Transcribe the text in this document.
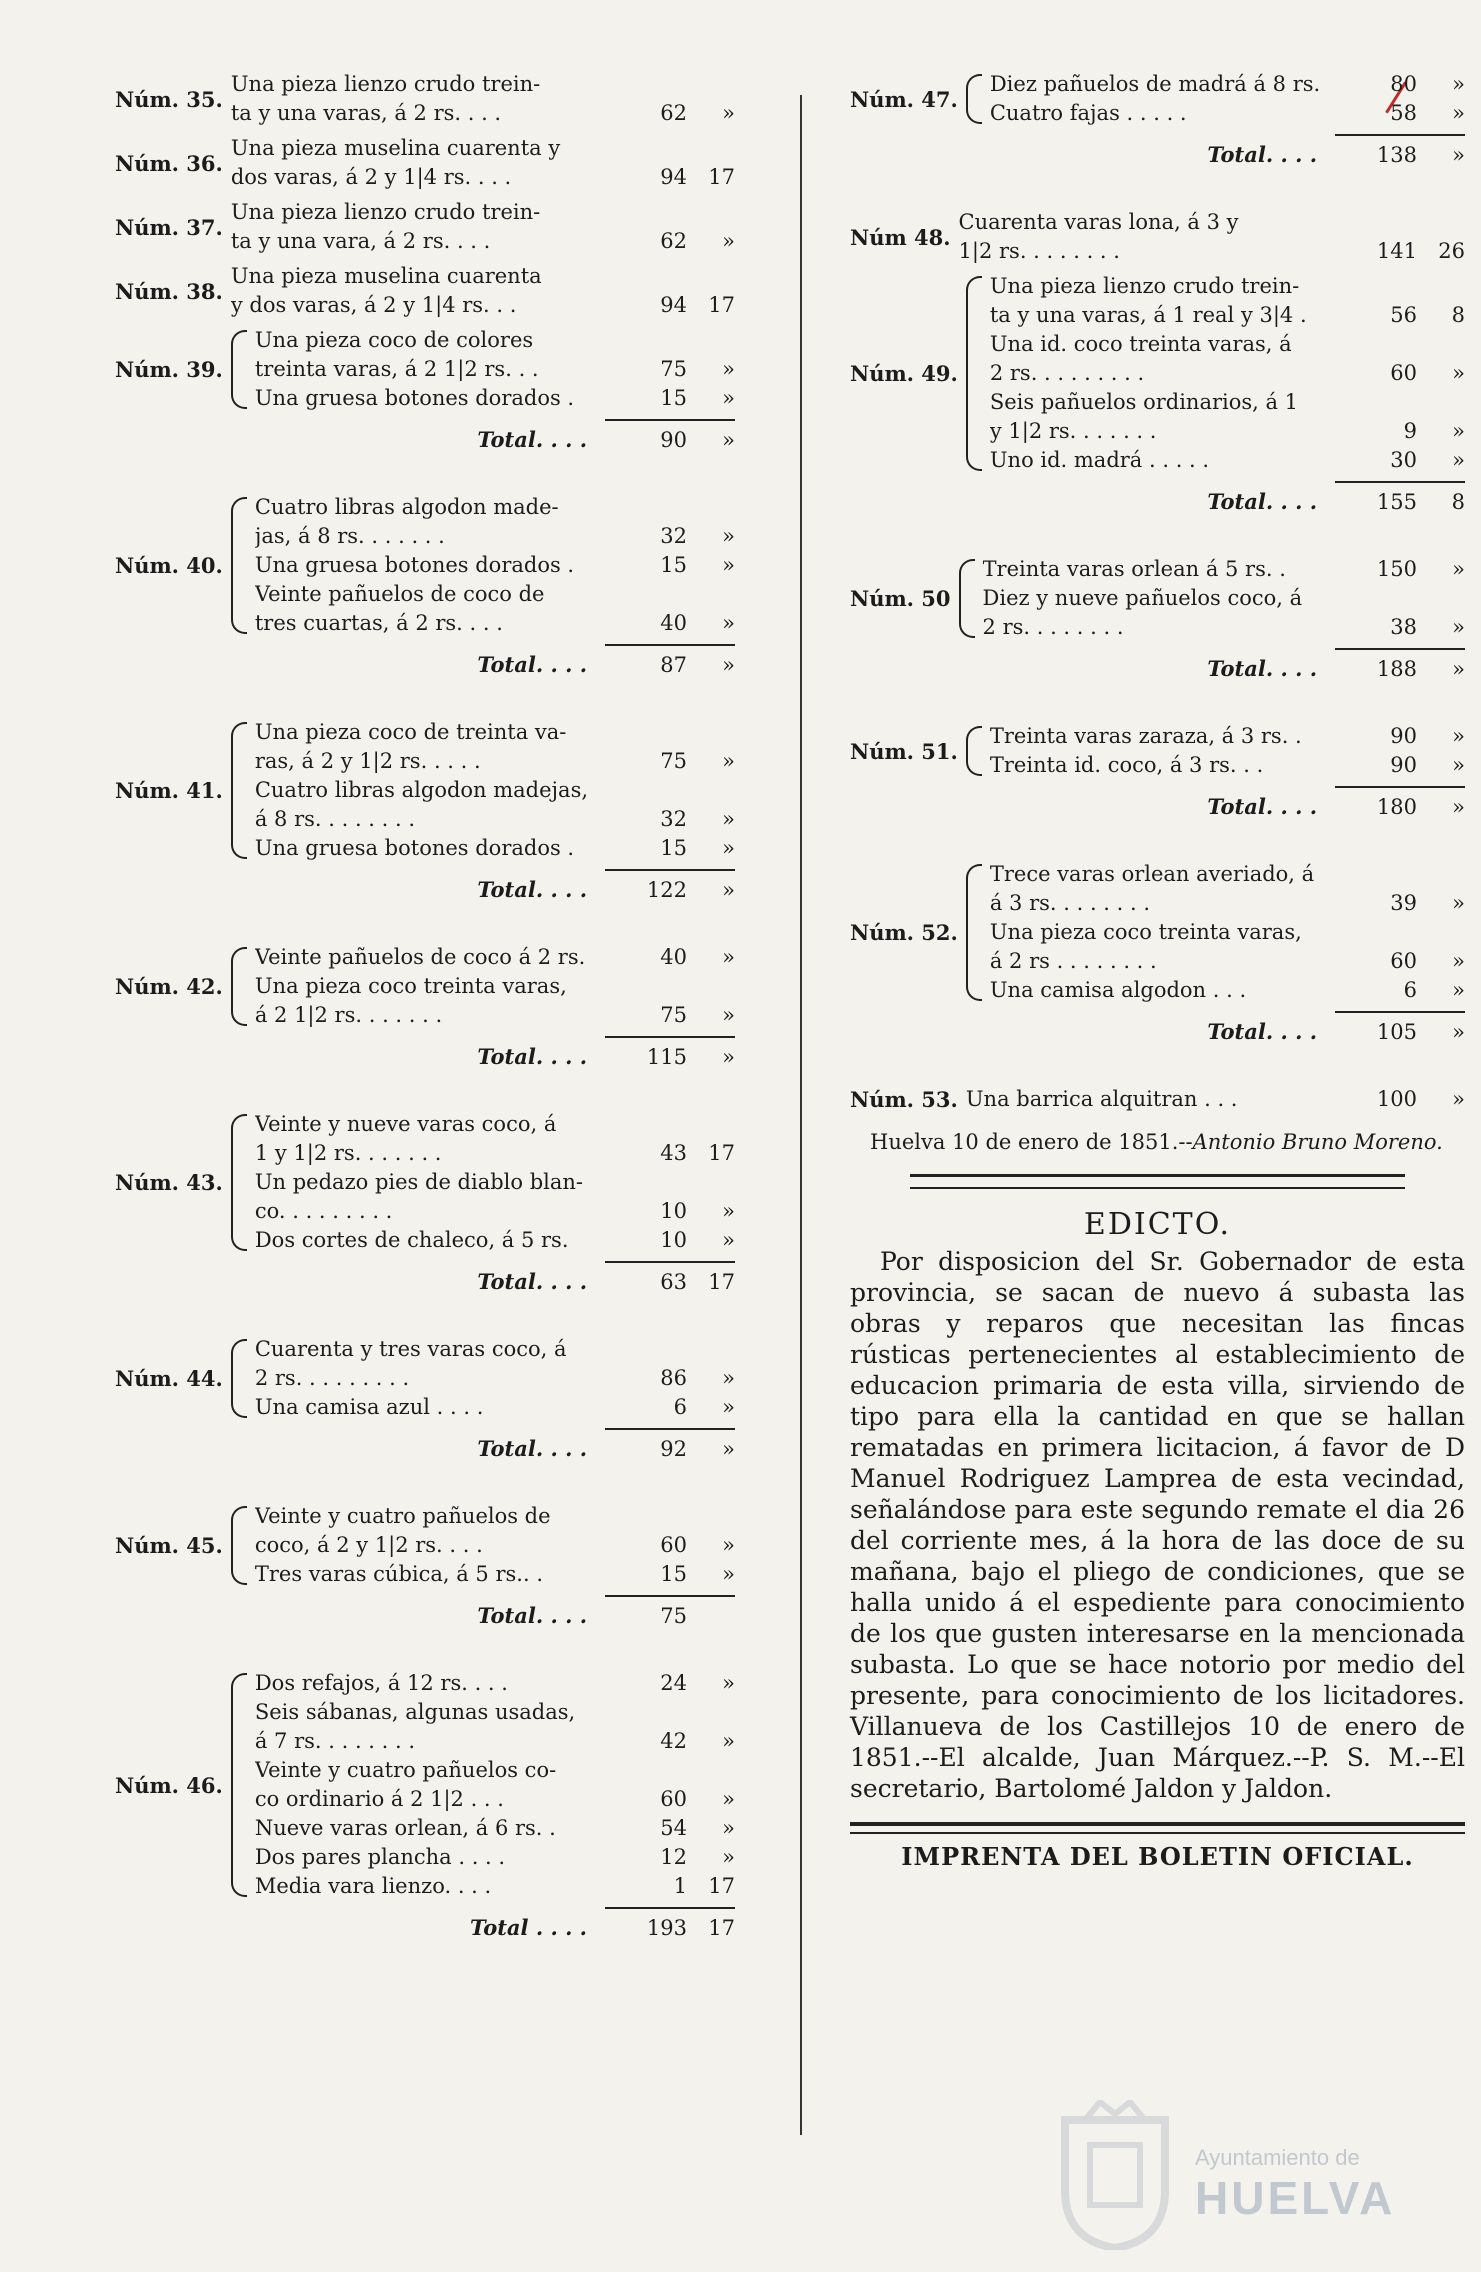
Núm. 35.
Una pieza lienzo crudo trein-
ta y una varas, á 2 rs. . . .	62	»
Núm. 36.
Una pieza muselina cuarenta y
dos varas, á 2 y 1|4 rs. . . .	94	17
Núm. 37.
Una pieza lienzo crudo trein-
ta y una vara, á 2 rs. . . .	62	»
Núm. 38.
Una pieza muselina cuarenta
y dos varas, á 2 y 1|4 rs. . .	94	17
Núm. 39.
Una pieza coco de colores
treinta varas, á 2 1|2 rs. . .	75	»
Una gruesa botones dorados .	15	»
Total. . . .	90	»
Núm. 40.
Cuatro libras algodon made-
jas, á 8 rs. . . . . . .	32	»
Una gruesa botones dorados .	15	»
Veinte pañuelos de coco de
tres cuartas, á 2 rs. . . .	40	»
Total. . . .	87	»
Núm. 41.
Una pieza coco de treinta va-
ras, á 2 y 1|2 rs. . . . .	75	»
Cuatro libras algodon madejas,
á 8 rs. . . . . . . .	32	»
Una gruesa botones dorados .	15	»
Total. . . .	122	»
Núm. 42.
Veinte pañuelos de coco á 2 rs.	40	»
Una pieza coco treinta varas,
á 2 1|2 rs. . . . . . .	75	»
Total. . . .	115	»
Núm. 43.
Veinte y nueve varas coco, á
1 y 1|2 rs. . . . . . .	43	17
Un pedazo pies de diablo blan-
co. . . . . . . . .	10	»
Dos cortes de chaleco, á 5 rs.	10	»
Total. . . .	63	17
Núm. 44.
Cuarenta y tres varas coco, á
2 rs. . . . . . . . .	86	»
Una camisa azul . . . .	6	»
Total. . . .	92	»
Núm. 45.
Veinte y cuatro pañuelos de
coco, á 2 y 1|2 rs. . . .	60	»
Tres varas cúbica, á 5 rs.. .	15	»
Total. . . .	75
Núm. 46.
Dos refajos, á 12 rs. . . .	24	»
Seis sábanas, algunas usadas,
á 7 rs. . . . . . . .	42	»
Veinte y cuatro pañuelos co-
co ordinario á 2 1|2 . . .	60	»
Nueve varas orlean, á 6 rs. .	54	»
Dos pares plancha . . . .	12	»
Media vara lienzo. . . .	1	17
Total . . . .	193	17
Núm. 47.
Diez pañuelos de madrá á 8 rs.	80	»
Cuatro fajas . . . . .	58	»
Total. . . .	138	»
Núm 48.
Cuarenta varas lona, á 3 y
1|2 rs. . . . . . . .	141	26
Núm. 49.
Una pieza lienzo crudo trein-
ta y una varas, á 1 real y 3|4 .	56	8
Una id. coco treinta varas, á
2 rs. . . . . . . . .	60	»
Seis pañuelos ordinarios, á 1
y 1|2 rs. . . . . . .	9	»
Uno id. madrá . . . . .	30	»
Total. . . .	155	8
Núm. 50
Treinta varas orlean á 5 rs. .	150	»
Diez y nueve pañuelos coco, á
2 rs. . . . . . . .	38	»
Total. . . .	188	»
Núm. 51.
Treinta varas zaraza, á 3 rs. .	90	»
Treinta id. coco, á 3 rs. . .	90	»
Total. . . .	180	»
Núm. 52.
Trece varas orlean averiado, á
á 3 rs. . . . . . . .	39	»
Una pieza coco treinta varas,
á 2 rs . . . . . . . .	60	»
Una camisa algodon . . .	6	»
Total. . . .	105	»
Núm. 53. Una barrica alquitran . . .	100	»
Huelva 10 de enero de 1851.--Antonio Bruno Moreno.
EDICTO.

Por disposicion del Sr. Gobernador de esta provincia, se sacan de nuevo á subasta las obras y reparos que necesitan las fincas rústicas pertenecientes al establecimiento de educacion primaria de esta villa, sirviendo de tipo para ella la cantidad en que se hallan rematadas en primera licitacion, á favor de D Manuel Rodriguez Lamprea de esta vecindad, señalándose para este segundo remate el dia 26 del corriente mes, á la hora de las doce de su mañana, bajo el pliego de condiciones, que se halla unido á el espediente para conocimiento de los que gusten interesarse en la mencionada subasta. Lo que se hace notorio por medio del presente, para conocimiento de los licitadores. Villanueva de los Castillejos 10 de enero de 1851.--El alcalde, Juan Márquez.--P. S. M.--El secretario, Bartolomé Jaldon y Jaldon.

IMPRENTA DEL BOLETIN OFICIAL.
Ayuntamiento de
HUELVA
